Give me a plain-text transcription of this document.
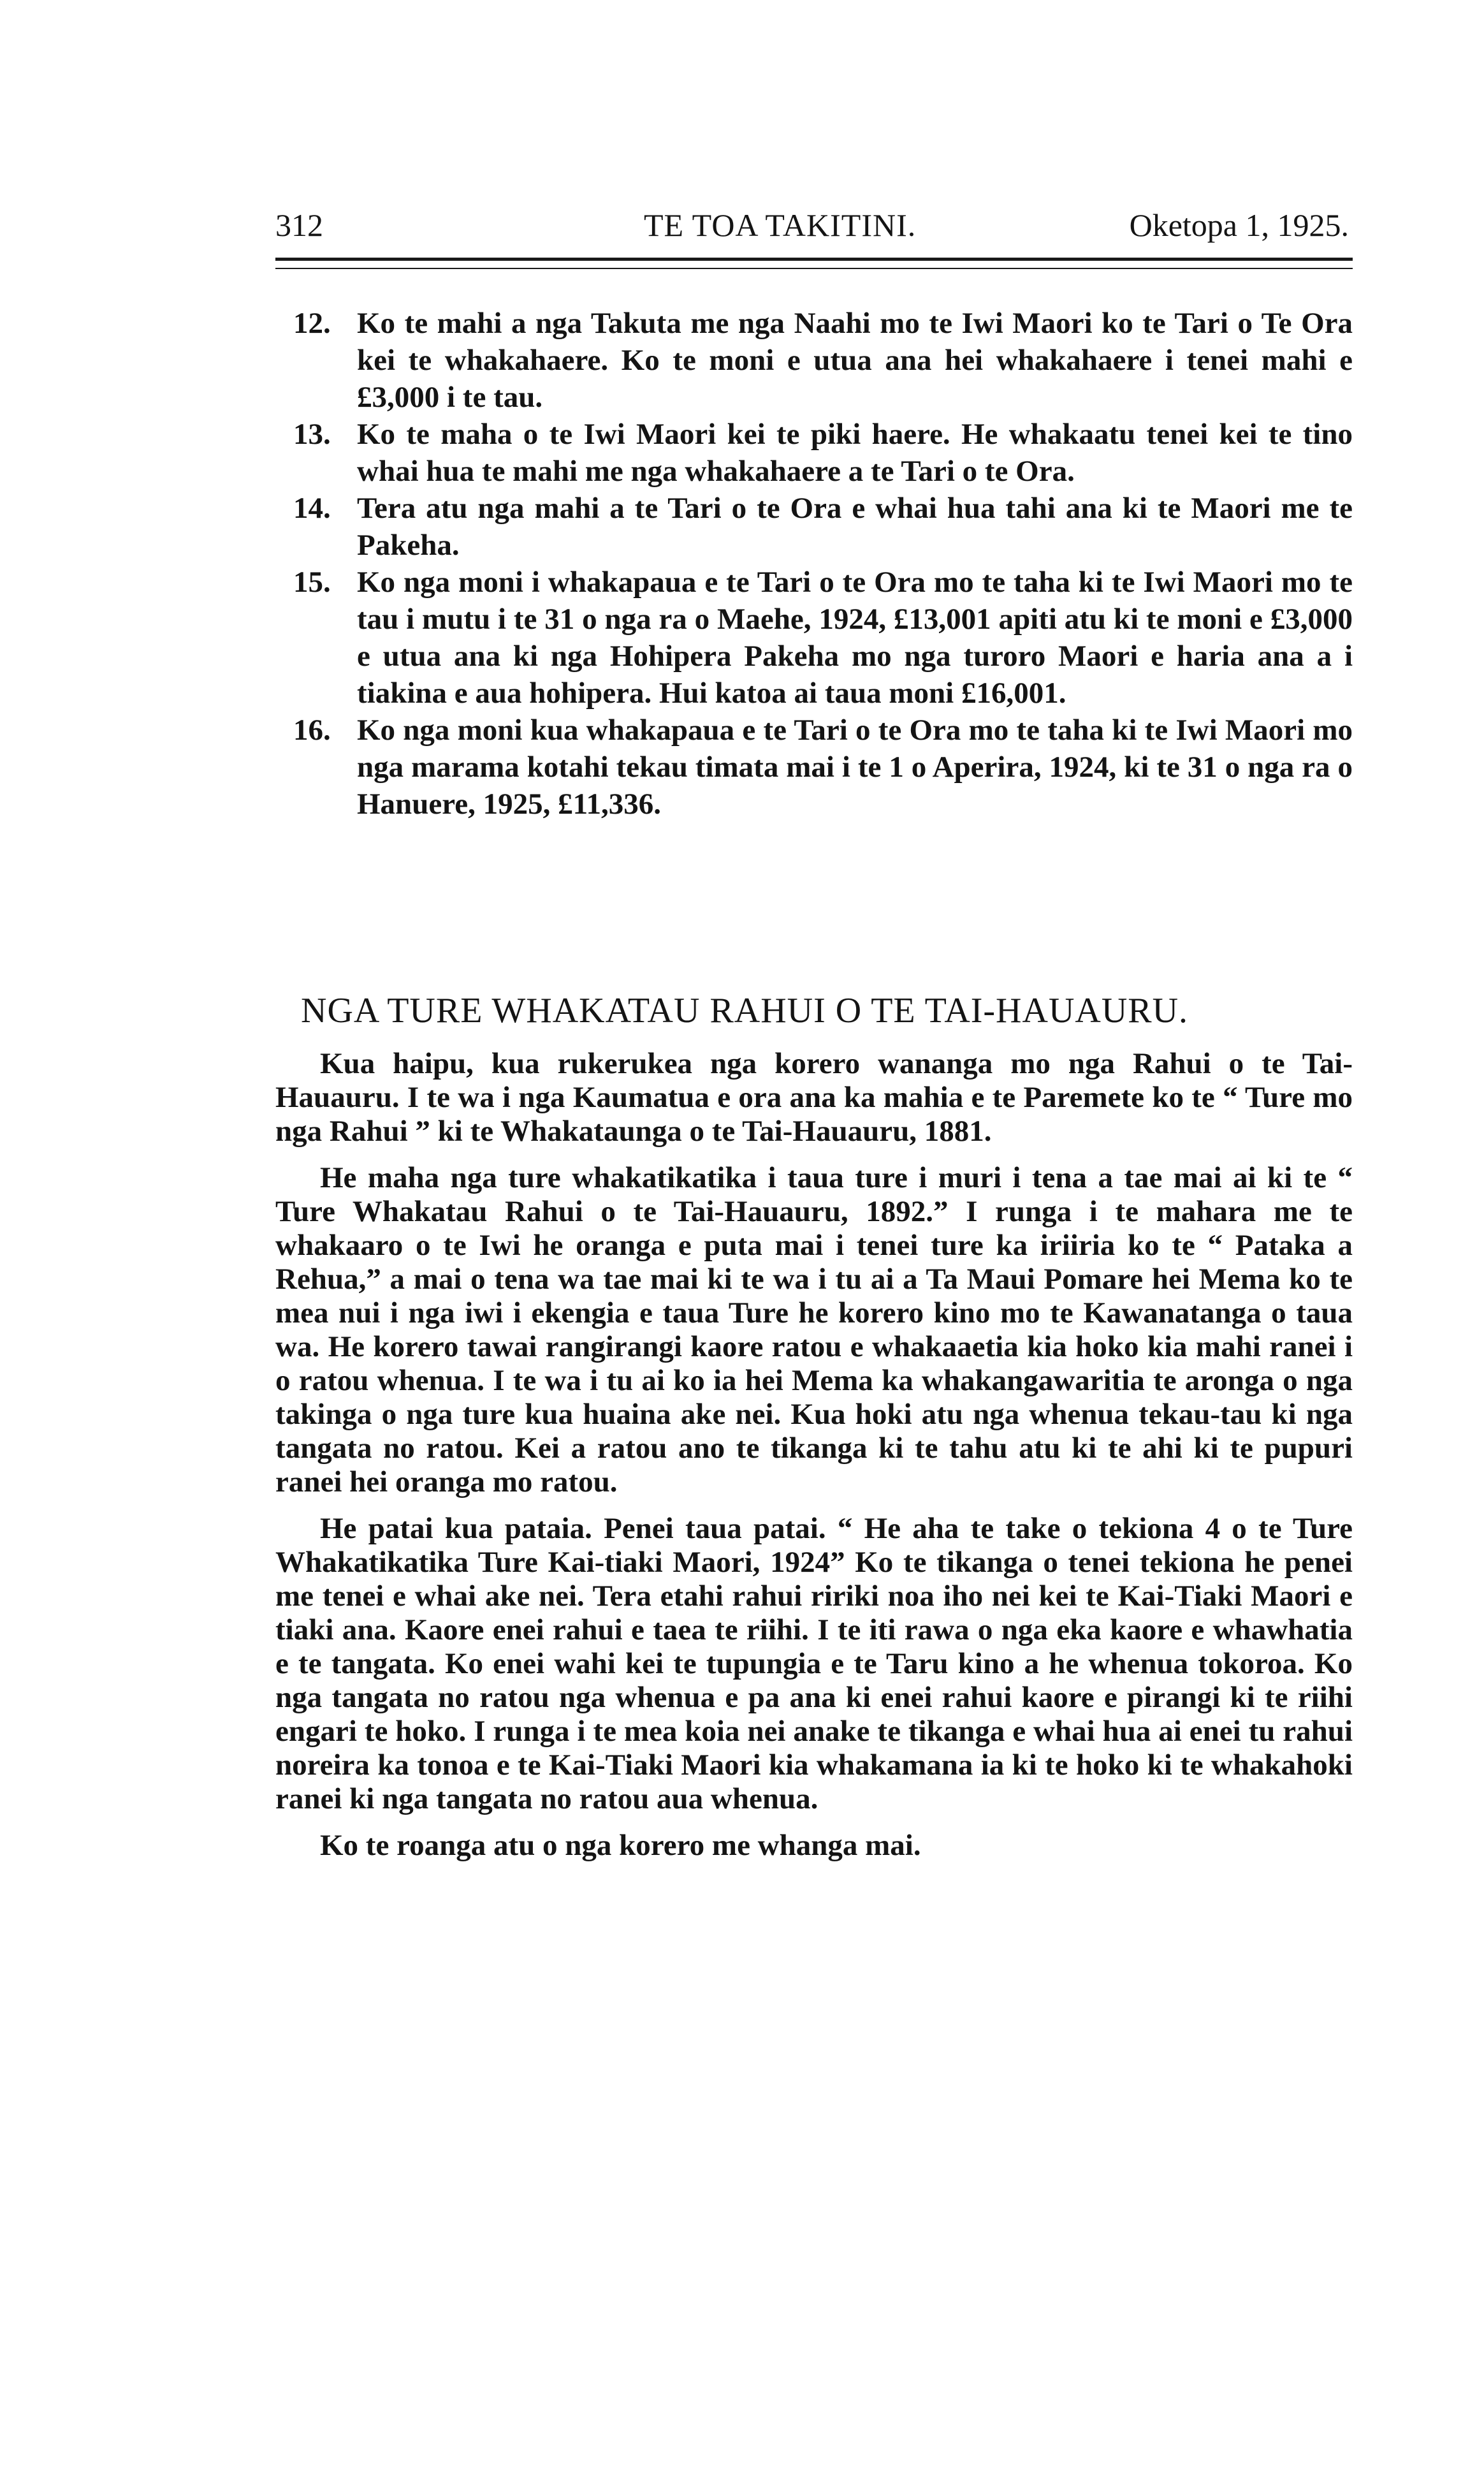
312	TE TOA TAKITINI.	Oketopa 1, 1925.

12. Ko te mahi a nga Takuta me nga Naahi mo te Iwi Maori ko te Tari o Te Ora kei te whakahaere. Ko te moni e utua ana hei whakahaere i tenei mahi e £3,000 i te tau.

13. Ko te maha o te Iwi Maori kei te piki haere. He whakaatu tenei kei te tino whai hua te mahi me nga whakahaere a te Tari o te Ora.

14. Tera atu nga mahi a te Tari o te Ora e whai hua tahi ana ki te Maori me te Pakeha.

15. Ko nga moni i whakapaua e te Tari o te Ora mo te taha ki te Iwi Maori mo te tau i mutu i te 31 o nga ra o Maehe, 1924, £13,001 apiti atu ki te moni e £3,000 e utua ana ki nga Hohipera Pakeha mo nga turoro Maori e haria ana a i tiakina e aua hohipera. Hui katoa ai taua moni £16,001.

16. Ko nga moni kua whakapaua e te Tari o te Ora mo te taha ki te Iwi Maori mo nga marama kotahi tekau timata mai i te 1 o Aperira, 1924, ki te 31 o nga ra o Hanuere, 1925, £11,336.

NGA TURE WHAKATAU RAHUI O TE TAI-HAUAURU.

Kua haipu, kua rukerukea nga korero wananga mo nga Rahui o te Tai-Hauauru. I te wa i nga Kaumatua e ora ana ka mahia e te Paremete ko te “ Ture mo nga Rahui ” ki te Whakataunga o te Tai-Hauauru, 1881.

He maha nga ture whakatikatika i taua ture i muri i tena a tae mai ai ki te “ Ture Whakatau Rahui o te Tai-Hauauru, 1892.” I runga i te mahara me te whakaaro o te Iwi he oranga e puta mai i tenei ture ka iriiria ko te “ Pataka a Rehua,” a mai o tena wa tae mai ki te wa i tu ai a Ta Maui Pomare hei Mema ko te mea nui i nga iwi i ekengia e taua Ture he korero kino mo te Kawanatanga o taua wa. He korero tawai rangirangi kaore ratou e whakaaetia kia hoko kia mahi ranei i o ratou whenua. I te wa i tu ai ko ia hei Mema ka whakangawaritia te aronga o nga takinga o nga ture kua huaina ake nei. Kua hoki atu nga whenua tekau-tau ki nga tangata no ratou. Kei a ratou ano te tikanga ki te tahu atu ki te ahi ki te pupuri ranei hei oranga mo ratou.

He patai kua pataia. Penei taua patai. “ He aha te take o tekiona 4 o te Ture Whakatikatika Ture Kai-tiaki Maori, 1924” Ko te tikanga o tenei tekiona he penei me tenei e whai ake nei. Tera etahi rahui ririki noa iho nei kei te Kai-Tiaki Maori e tiaki ana. Kaore enei rahui e taea te riihi. I te iti rawa o nga eka kaore e whawhatia e te tangata. Ko enei wahi kei te tupungia e te Taru kino a he whenua tokoroa. Ko nga tangata no ratou nga whenua e pa ana ki enei rahui kaore e pirangi ki te riihi engari te hoko. I runga i te mea koia nei anake te tikanga e whai hua ai enei tu rahui noreira ka tonoa e te Kai-Tiaki Maori kia whakamana ia ki te hoko ki te whakahoki ranei ki nga tangata no ratou aua whenua.

Ko te roanga atu o nga korero me whanga mai.
